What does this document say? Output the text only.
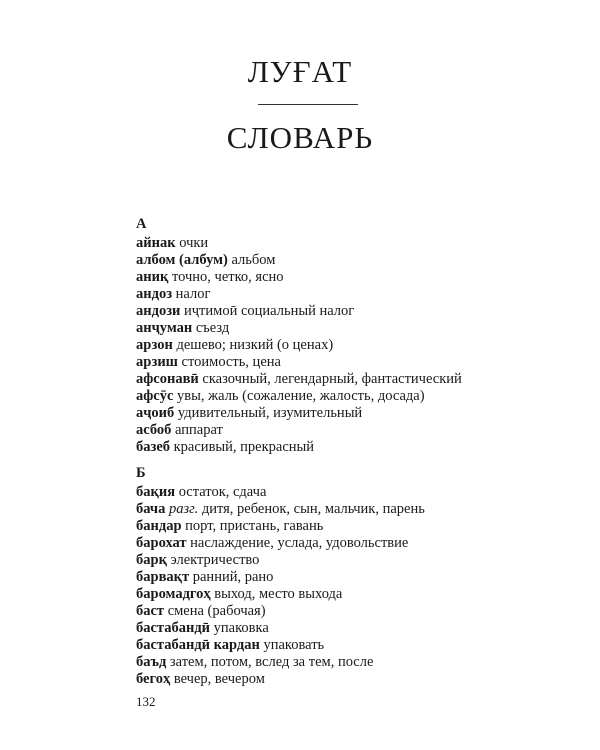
ЛУҒАТ
СЛОВАРЬ
А
айнак очки
албом (албум) альбом
аниқ точно, четко, ясно
андоз налог
андози иҷтимоӣ социальный налог
анҷуман съезд
арзон дешево; низкий (о ценах)
арзиш стоимость, цена
афсонавӣ сказочный, легендарный, фантастический
афсӯс увы, жаль (сожаление, жалость, досада)
аҷоиб удивительный, изумительный
асбоб аппарат
базеб красивый, прекрасный
Б
бақия остаток, сдача
бача разг. дитя, ребенок, сын, мальчик, парень
бандар порт, пристань, гавань
барохат наслаждение, услада, удовольствие
барқ электричество
барвақт ранний, рано
баромадгоҳ выход, место выхода
баст смена (рабочая)
бастабандӣ упаковка
бастабандӣ кардан упаковать
баъд затем, потом, вслед за тем, после
бегоҳ вечер, вечером
132
